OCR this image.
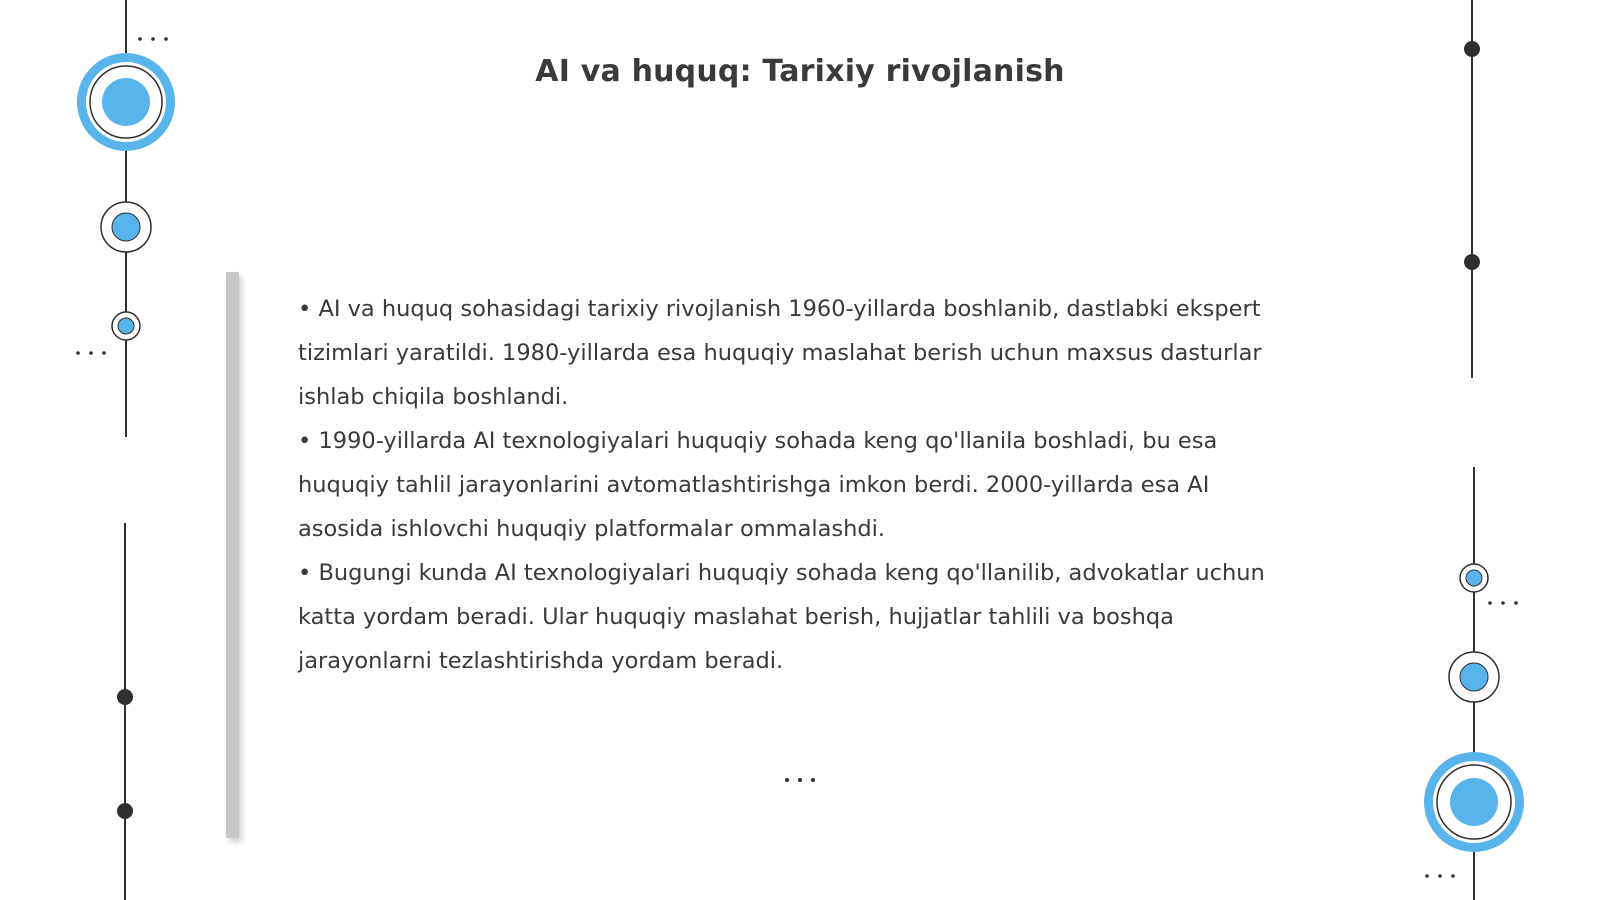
AI va huquq: Tarixiy rivojlanish
• AI va huquq sohasidagi tarixiy rivojlanish 1960-yillarda boshlanib, dastlabki ekspert tizimlari yaratildi. 1980-yillarda esa huquqiy maslahat berish uchun maxsus dasturlar ishlab chiqila boshlandi.
• 1990-yillarda AI texnologiyalari huquqiy sohada keng qo'llanila boshladi, bu esa huquqiy tahlil jarayonlarini avtomatlashtirishga imkon berdi. 2000-yillarda esa AI asosida ishlovchi huquqiy platformalar ommalashdi.
• Bugungi kunda AI texnologiyalari huquqiy sohada keng qo'llanilib, advokatlar uchun katta yordam beradi. Ular huquqiy maslahat berish, hujjatlar tahlili va boshqa jarayonlarni tezlashtirishda yordam beradi.
